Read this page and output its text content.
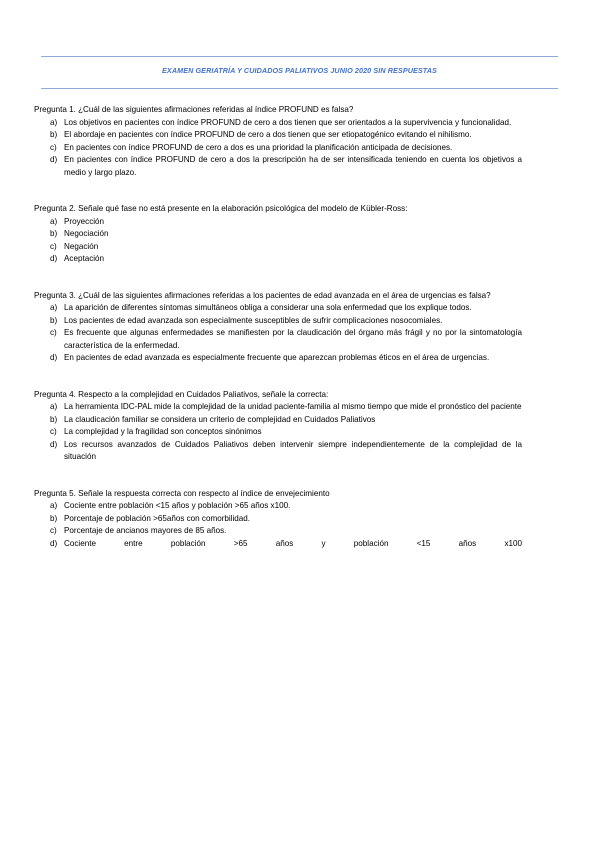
EXAMEN GERIATRÍA Y CUIDADOS PALIATIVOS JUNIO 2020 SIN RESPUESTAS
Pregunta 1. ¿Cuál de las siguientes afirmaciones referidas al índice PROFUND es falsa?
a) Los objetivos en pacientes con índice PROFUND de cero a dos tienen que ser orientados a la supervivencia y funcionalidad.
b) El abordaje en pacientes con índice PROFUND de cero a dos tienen que ser etiopatogénico evitando el nihilismo.
c) En pacientes con índice PROFUND de cero a dos es una prioridad la planificación anticipada de decisiones.
d) En pacientes con índice PROFUND de cero a dos la prescripción ha de ser intensificada teniendo en cuenta los objetivos a medio y largo plazo.
Pregunta 2. Señale qué fase no está presente en la elaboración psicológica del modelo de Kübler-Ross:
a) Proyección
b) Negociación
c) Negación
d) Aceptación
Pregunta 3. ¿Cuál de las siguientes afirmaciones referidas a los pacientes de edad avanzada en el área de urgencias es falsa?
a) La aparición de diferentes síntomas simultáneos obliga a considerar una sola enfermedad que los explique todos.
b) Los pacientes de edad avanzada son especialmente susceptibles de sufrir complicaciones nosocomiales.
c) Es frecuente que algunas enfermedades se manifiesten por la claudicación del órgano más frágil y no por la sintomatología característica de la enfermedad.
d) En pacientes de edad avanzada es especialmente frecuente que aparezcan problemas éticos en el área de urgencias.
Pregunta 4. Respecto a la complejidad en Cuidados Paliativos, señale la correcta:
a) La herramienta IDC-PAL mide la complejidad de la unidad paciente-familia al mismo tiempo que mide el pronóstico del paciente
b) La claudicación familiar se considera un criterio de complejidad en Cuidados Paliativos
c) La complejidad y la fragilidad son conceptos sinónimos
d) Los recursos avanzados de Cuidados Paliativos deben intervenir siempre independientemente de la complejidad de la situación
Pregunta 5. Señale la respuesta correcta con respecto al índice de envejecimiento
a) Cociente entre población <15 años y población >65 años x100.
b) Porcentaje de población >65años con comorbilidad.
c) Porcentaje de ancianos mayores de 85 años.
d) Cociente entre población >65 años y población <15 años x100
